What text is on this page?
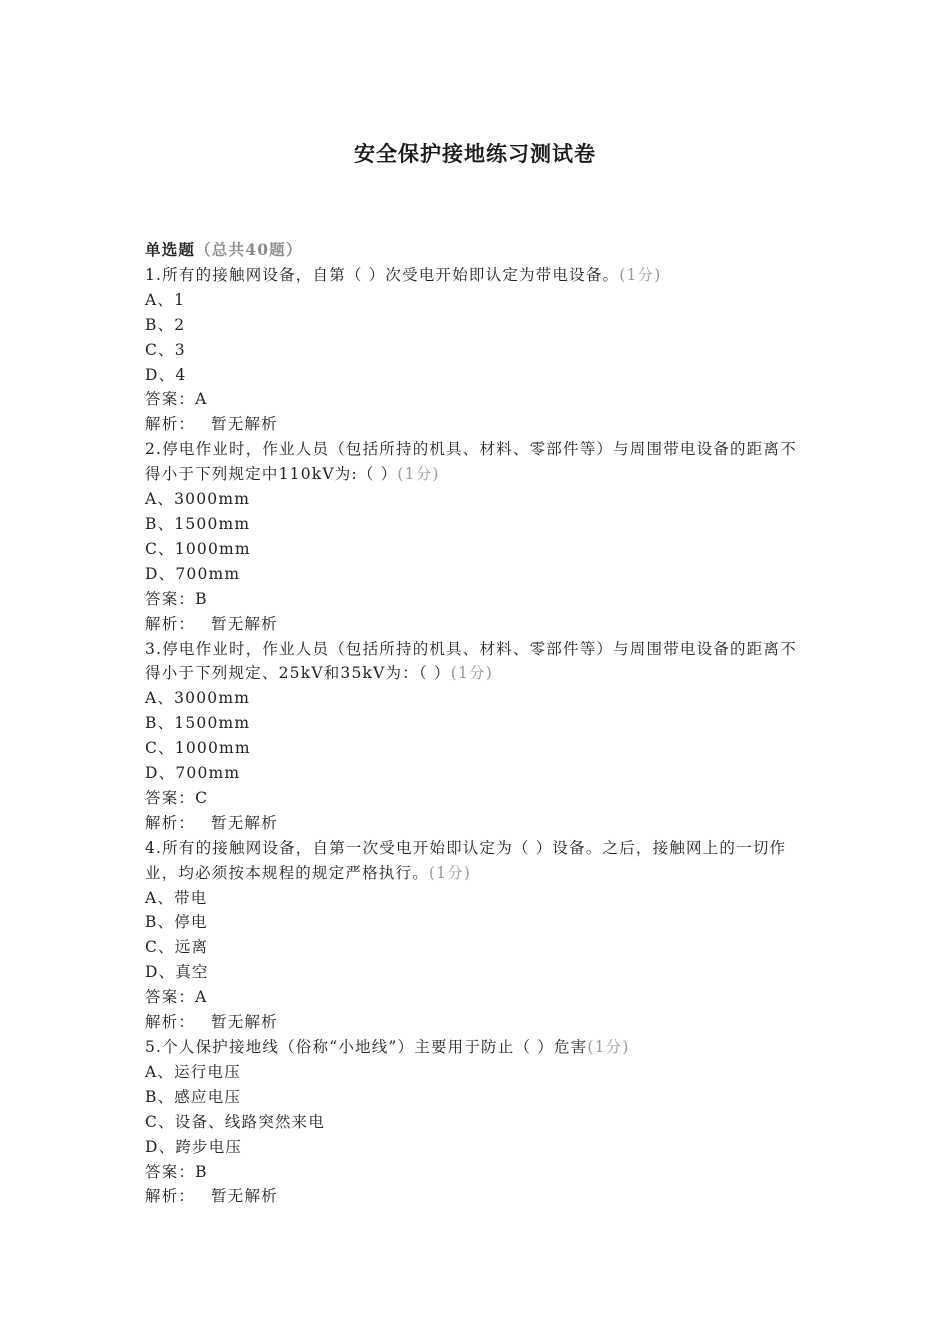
安全保护接地练习测试卷
单选题（总共40题）
1.所有的接触网设备，自第（ ）次受电开始即认定为带电设备。(1分)
A、1
B、2
C、3
D、4
答案：A
解析： 暂无解析
2.停电作业时，作业人员（包括所持的机具、材料、零部件等）与周围带电设备的距离不得小于下列规定中110kV为:（ ）(1分)
A、3000mm
B、1500mm
C、1000mm
D、700mm
答案：B
解析： 暂无解析
3.停电作业时，作业人员（包括所持的机具、材料、零部件等）与周围带电设备的距离不得小于下列规定、25kV和35kV为：（ ）(1分)
A、3000mm
B、1500mm
C、1000mm
D、700mm
答案：C
解析： 暂无解析
4.所有的接触网设备，自第一次受电开始即认定为（ ）设备。之后，接触网上的一切作业，均必须按本规程的规定严格执行。(1分)
A、带电
B、停电
C、远离
D、真空
答案：A
解析： 暂无解析
5.个人保护接地线（俗称“小地线”）主要用于防止（ ）危害(1分)
A、运行电压
B、感应电压
C、设备、线路突然来电
D、跨步电压
答案：B
解析： 暂无解析
